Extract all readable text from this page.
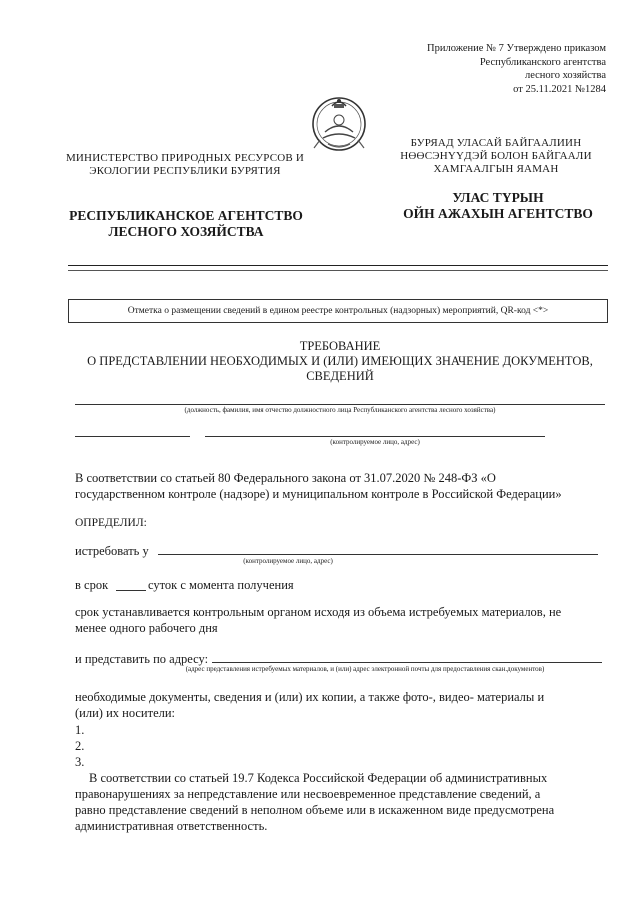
Приложение № 7 Утверждено приказом
Республиканского агентства
лесного хозяйства
от 25.11.2021 №1284
МИНИСТЕРСТВО ПРИРОДНЫХ РЕСУРСОВ И
ЭКОЛОГИИ РЕСПУБЛИКИ БУРЯТИЯ
БУРЯАД УЛАСАЙ БАЙГААЛИИН
НӨӨСЭНҮҮДЭЙ БОЛОН БАЙГААЛИ
ХАМГААЛГЫН ЯАМАН
РЕСПУБЛИКАНСКОЕ АГЕНТСТВО
ЛЕСНОГО ХОЗЯЙСТВА
УЛАС ТYРЫН
ОЙН АЖАХЫН АГЕНТСТВО
Отметка о размещении сведений в едином реестре контрольных (надзорных) мероприятий, QR-код <*>
ТРЕБОВАНИЕ
О ПРЕДСТАВЛЕНИИ НЕОБХОДИМЫХ И (ИЛИ) ИМЕЮЩИХ ЗНАЧЕНИЕ ДОКУМЕНТОВ,
СВЕДЕНИЙ
(должность, фамилия, имя отчество должностного лица Республиканского агентства лесного хозяйства)
(контролируемое лицо, адрес)
В соответствии со статьей 80 Федерального закона от 31.07.2020 № 248-ФЗ «О
государственном контроле (надзоре) и муниципальном контроле в Российской Федерации»
ОПРЕДЕЛИЛ:
истребовать у
(контролируемое лицо, адрес)
в срок	суток с момента получения
срок устанавливается контрольным органом исходя из объема истребуемых материалов, не
менее одного рабочего дня
и представить по адресу:
(адрес представления истребуемых материалов, и (или) адрес электронной почты для предоставления скан.документов)
необходимые документы, сведения и (или) их копии, а также фото-, видео- материалы и
(или) их носители:
1.
2.
3.
В соответствии со статьей 19.7 Кодекса Российской Федерации об административных
правонарушениях за непредставление или несвоевременное представление сведений, а
равно представление сведений в неполном объеме или в искаженном виде предусмотрена
административная ответственность.
